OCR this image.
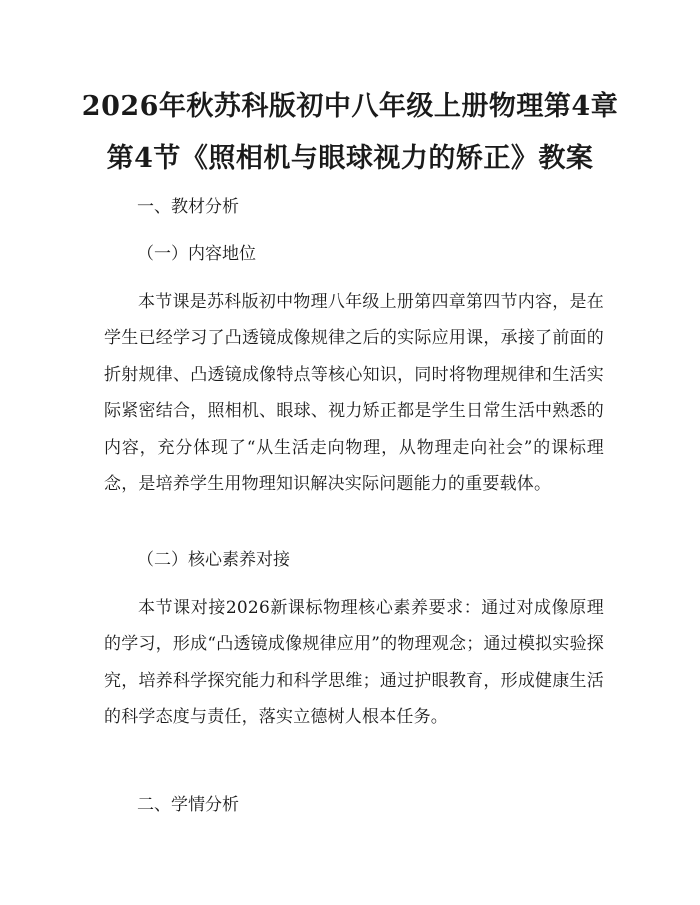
2026年秋苏科版初中八年级上册物理第4章
第4节《照相机与眼球视力的矫正》教案
一、教材分析
（一）内容地位

本节课是苏科版初中物理八年级上册第四章第四节内容，是在学生已经学习了凸透镜成像规律之后的实际应用课，承接了前面的折射规律、凸透镜成像特点等核心知识，同时将物理规律和生活实际紧密结合，照相机、眼球、视力矫正都是学生日常生活中熟悉的内容，充分体现了“从生活走向物理，从物理走向社会”的课标理念，是培养学生用物理知识解决实际问题能力的重要载体。

（二）核心素养对接

本节课对接2026新课标物理核心素养要求：通过对成像原理的学习，形成“凸透镜成像规律应用”的物理观念；通过模拟实验探究，培养科学探究能力和科学思维；通过护眼教育，形成健康生活的科学态度与责任，落实立德树人根本任务。

二、学情分析
